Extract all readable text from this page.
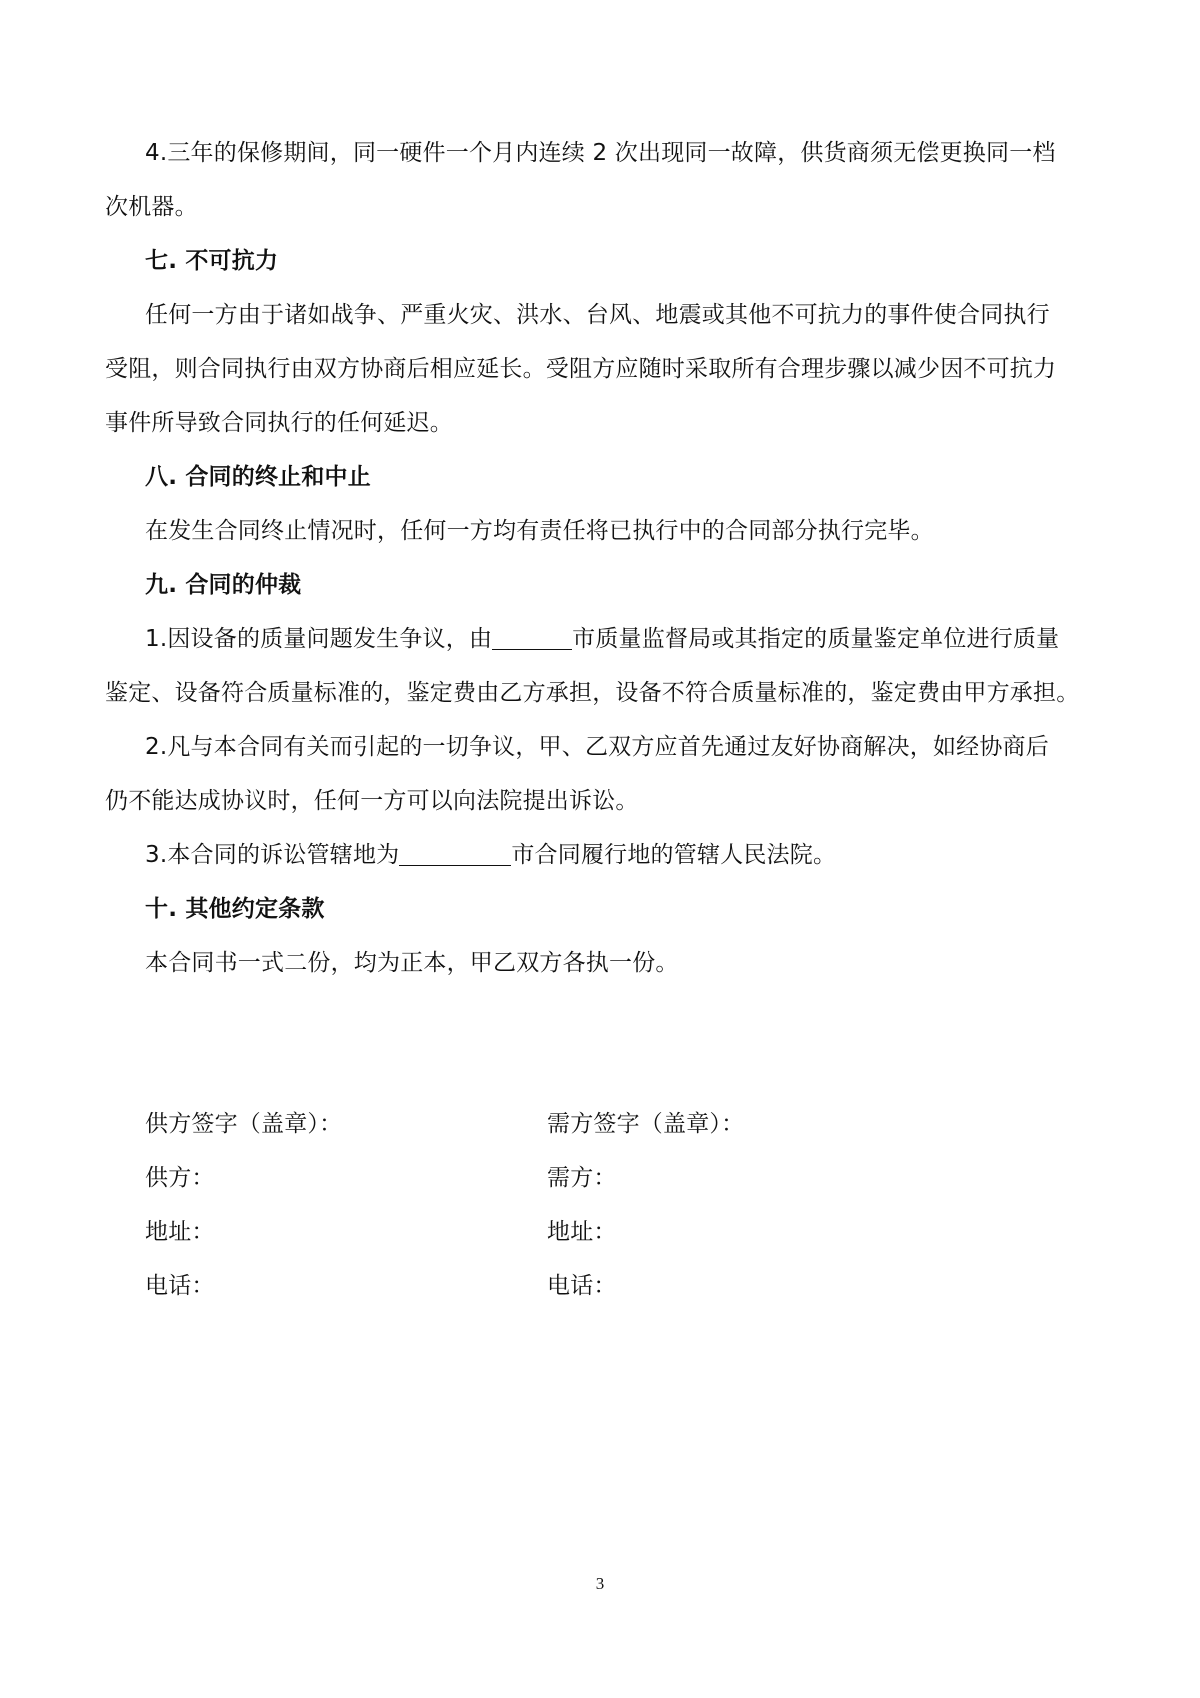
4.三年的保修期间，同一硬件一个月内连续 2 次出现同一故障，供货商须无偿更换同一档
次机器。
七. 不可抗力
任何一方由于诸如战争、严重火灾、洪水、台风、地震或其他不可抗力的事件使合同执行
受阻，则合同执行由双方协商后相应延长。受阻方应随时采取所有合理步骤以减少因不可抗力
事件所导致合同执行的任何延迟。
八. 合同的终止和中止
在发生合同终止情况时，任何一方均有责任将已执行中的合同部分执行完毕。
九. 合同的仲裁
1.因设备的质量问题发生争议，由	市质量监督局或其指定的质量鉴定单位进行质量
鉴定、设备符合质量标准的，鉴定费由乙方承担，设备不符合质量标准的，鉴定费由甲方承担。
2.凡与本合同有关而引起的一切争议，甲、乙双方应首先通过友好协商解决，如经协商后
仍不能达成协议时，任何一方可以向法院提出诉讼。
3.本合同的诉讼管辖地为	市合同履行地的管辖人民法院。
十. 其他约定条款
本合同书一式二份，均为正本，甲乙双方各执一份。
供方签字（盖章）：
供方：
地址：
电话：
需方签字（盖章）：
需方：
地址：
电话：
3
